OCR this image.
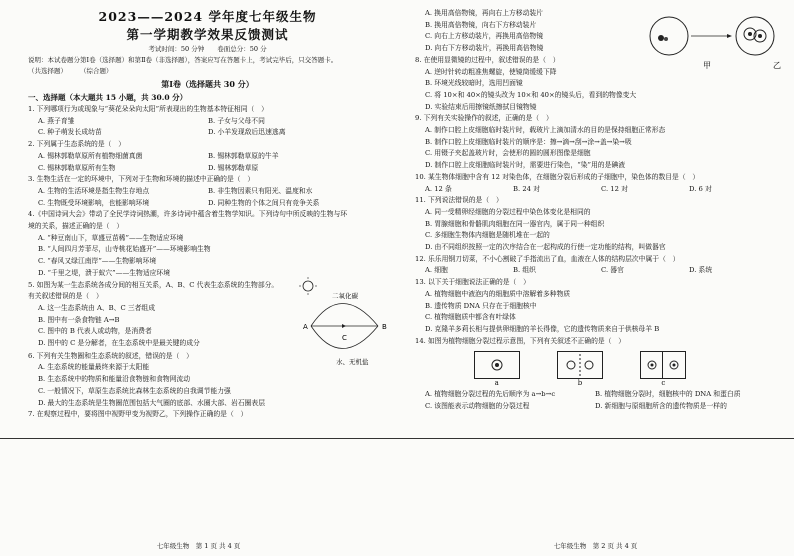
2023——2024 学年度七年级生物
第一学期教学效果反馈测试
考试时间：50 分钟　　卷面总分：50 分
说明：本试卷题分第Ⅰ卷（选择题）和第Ⅱ卷（非选择题），答案应写在答题卡上，考试完毕后，只交答题卡。
（共选择题）　　　（综合题）
第Ⅰ卷（选择题共 30 分）
一、选择题（本大题共 15 小题，共 30.0 分）
1. 下列哪项行为或现象与“葵花朵朵向太阳”所表现出的生物基本特征相同（　）
A. 燕子育雏	B. 子女与父母不同
C. 种子萌发长成幼苗	D. 小羊发现敌后迅速逃离
2. 下列属于生态系统的是（　）
A. 锡林郭勒草原所有植物细菌真菌	B. 锡林郭勒草原的牛羊
C. 锡林郭勒草原所有生物	D. 锡林郭勒草原
3. 生物生活在一定的环境中，下列对于生物和环境的描述中正确的是（　）
A. 生物的生活环境是指生物生存地点	B. 非生物因素只有阳光、温度和水
C. 生物既受环境影响，也能影响环境	D. 同种生物的个体之间只有竞争关系
4.《中国诗词大会》带动了全民学诗词热潮，许多诗词中蕴含着生物学知识。下列诗句中所反映的生物与环
境的关系，描述正确的是（　）
A. “种豆南山下，草盛豆苗稀”——生物适应环境
B. “人间四月芳菲尽，山寺桃花始盛开”——环境影响生物
C. “春风又绿江南岸”——生物影响环境
D. “千里之堤，溃于蚁穴”——生物适应环境
5. 如图为某一生态系统各成分间的相互关系，A、B、C 代表生态系统的生物部分。
有关叙述错误的是（　）
A. 这一生态系统由 A、B、C 三者组成
B. 图中有一条食物链 A→B
C. 图中的 B 代表人或动物，是消费者
D. 图中的 C 是分解者，在生态系统中是最关键的成分
二氧化碳
A	B
C
水、无机盐
6. 下列有关生物圈和生态系统的叙述，错误的是（　）
A. 生态系统的能量最终来源于太阳能
B. 生态系统中的物质和能量沿食物链和食物网流动
C. 一般情况下，草原生态系统比森林生态系统的自我调节能力强
D. 最大的生态系统是生物圈范围包括大气圈的底部、水圈大部、岩石圈表层
7. 在观察过程中，要将图中视野甲变为视野乙，下列操作正确的是（　）
七年级生物　第 1 页 共 4 页
A. 换用高倍物镜，再向右上方移动装片
B. 换用高倍物镜，向右下方移动装片
C. 向右上方移动装片，再换用高倍物镜
D. 向右下方移动装片，再换用高倍物镜
甲	乙
8. 在使用显微镜的过程中，叙述错误的是（　）
A. 逆时针转动粗准焦螺旋，使镜筒缓缓下降
B. 环境光线较暗时，选用凹面镜
C. 将 10×和 40×的镜头改为 10×和 40×的镜头后，看到的物像变大
D. 实验结束后用擦镜纸擦拭目镜物镜
9. 下列有关实验操作的叙述，正确的是（　）
A. 制作口腔上皮细胞临时装片时，载玻片上滴加清水的目的是保持细胞正常形态
B. 制作口腔上皮细胞临时装片的顺序是：擦→滴→刮→涂→盖→染→吸
C. 用镊子夹起盖玻片时，会使形的圆的圆形图像是细胞
D. 制作口腔上皮细胞临时装片时，需要进行染色，“染”用的是碘液
10. 某生物体细胞中含有 12 对染色体，在细胞分裂后形成的子细胞中，染色体的数目是（　）
A. 12 条	B. 24 对	C. 12 对	D. 6 对
11. 下列说法错误的是（　）
A. 同一受精卵经细胞的分裂过程中染色体变化是相同的
B. 胃腺细胞和骨骼肌肉细胞在同一器官内，属于同一种组织
C. 多细胞生物体内细胞是随机堆在一起的
D. 由不同组织按照一定的次序结合在一起构成的行使一定功能的结构，叫做器官
12. 乐乐用钢刀切菜，不小心割破了手指流出了血，血液在人体的结构层次中属于（　）
A. 细胞	B. 组织	C. 器官	D. 系统
13. 以下关于细胞说法正确的是（　）
A. 植物细胞中液泡内的细胞质中溶解着多种物质
B. 遗传物质 DNA 只存在于细胞核中
C. 植物细胞质中都含有叶绿体
D. 克隆羊多莉长相与提供卵细胞的羊长得像，它的遗传物质来自于供核母羊 B
14. 如图为植物细胞分裂过程示意图，下列有关叙述不正确的是（　）
a	b	c
A. 植物细胞分裂过程的先后顺序为 a→b→c	B. 植物细胞分裂时，细胞核中的 DNA 和蛋白质
C. 该图能表示动物细胞的分裂过程	D. 新细胞与原细胞所含的遗传物质是一样的
七年级生物　第 2 页 共 4 页
